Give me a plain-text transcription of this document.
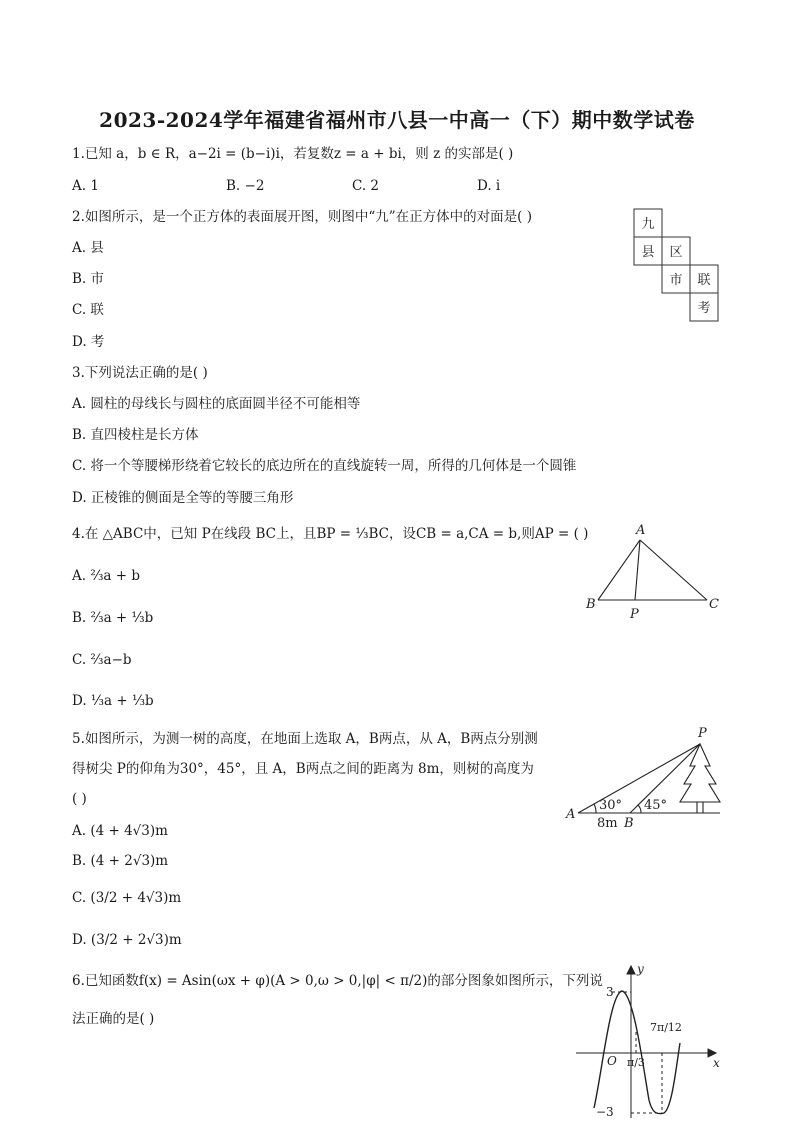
2023-2024学年福建省福州市八县一中高一（下）期中数学试卷
1.已知 a，b ∈ R，a−2i = (b−i)i，若复数z = a + bi，则 z 的实部是( )
A. 1	B. −2	C. 2	D. i
2.如图所示，是一个正方体的表面展开图，则图中“九”在正方体中的对面是( )
A. 县
B. 市
C. 联
D. 考
九
县 区
市 联
考
3.下列说法正确的是( )
A. 圆柱的母线长与圆柱的底面圆半径不可能相等
B. 直四棱柱是长方体
C. 将一个等腰梯形绕着它较长的底边所在的直线旋转一周，所得的几何体是一个圆锥
D. 正棱锥的侧面是全等的等腰三角形
4.在 △ABC中，已知 P在线段 BC上，且BP = ⅓BC，设CB = a,CA = b,则AP = ( )
A. ⅔a + b
B. ⅔a + ⅓b
C. ⅔a−b
D. ⅓a + ⅓b
A
B
P
C
5.如图所示，为测一树的高度，在地面上选取 A，B两点，从 A，B两点分别测
得树尖 P的仰角为30°，45°，且 A，B两点之间的距离为 8m，则树的高度为
( )
A. (4 + 4√3)m
B. (4 + 2√3)m
C. (3/2 + 4√3)m
D. (3/2 + 2√3)m
P
A
B
30° 45°
8m
6.已知函数f(x) = Asin(ωx + φ)(A > 0,ω > 0,|φ| < π/2)的部分图象如图所示，下列说
法正确的是( )
y
3
7π/12
O π/3	x
−3
